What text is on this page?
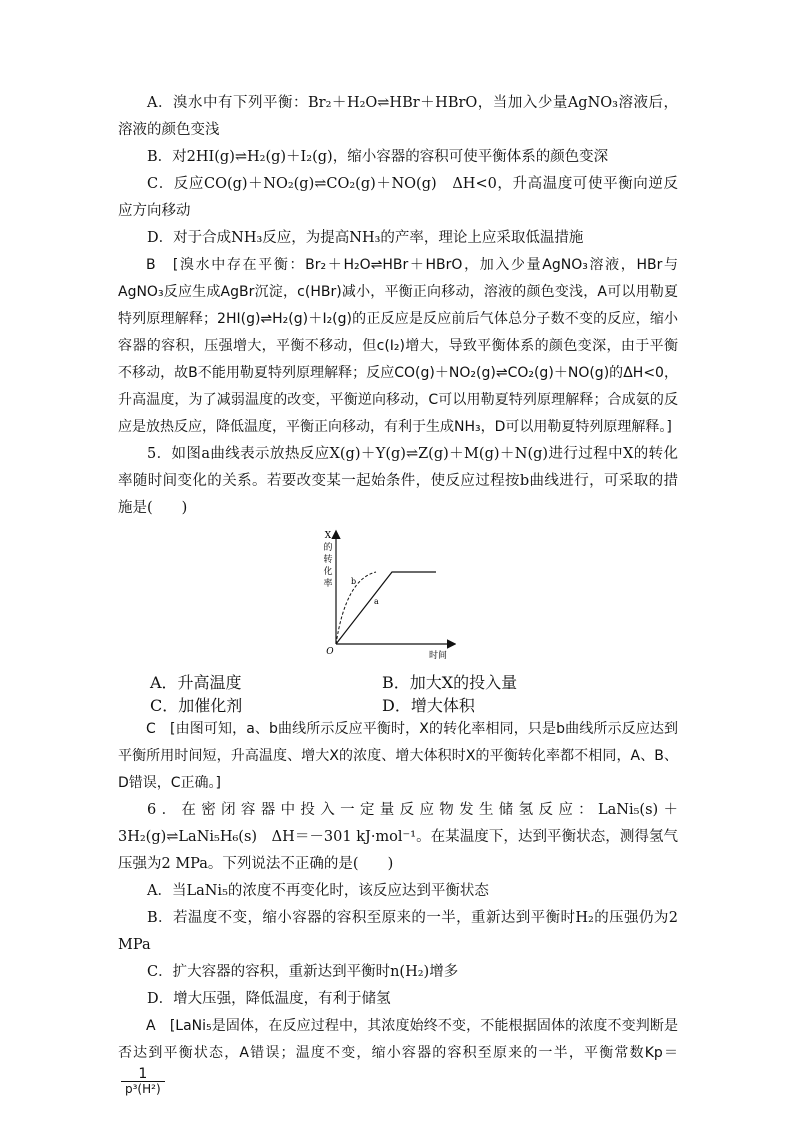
A．溴水中有下列平衡：Br₂＋H₂O⇌HBr＋HBrO，当加入少量AgNO₃溶液后，溶液的颜色变浅

B．对2HI(g)⇌H₂(g)＋I₂(g)，缩小容器的容积可使平衡体系的颜色变深

C．反应CO(g)＋NO₂(g)⇌CO₂(g)＋NO(g)　ΔH<0，升高温度可使平衡向逆反应方向移动

D．对于合成NH₃反应，为提高NH₃的产率，理论上应采取低温措施

B　[溴水中存在平衡：Br₂＋H₂O⇌HBr＋HBrO，加入少量AgNO₃溶液，HBr与AgNO₃反应生成AgBr沉淀，c(HBr)减小，平衡正向移动，溶液的颜色变浅，A可以用勒夏特列原理解释；2HI(g)⇌H₂(g)＋I₂(g)的正反应是反应前后气体总分子数不变的反应，缩小容器的容积，压强增大，平衡不移动，但c(I₂)增大，导致平衡体系的颜色变深，由于平衡不移动，故B不能用勒夏特列原理解释；反应CO(g)＋NO₂(g)⇌CO₂(g)＋NO(g)的ΔH<0，升高温度，为了减弱温度的改变，平衡逆向移动，C可以用勒夏特列原理解释；合成氨的反应是放热反应，降低温度，平衡正向移动，有利于生成NH₃，D可以用勒夏特列原理解释。]

5．如图a曲线表示放热反应X(g)＋Y(g)⇌Z(g)＋M(g)＋N(g)进行过程中X的转化率随时间变化的关系。若要改变某一起始条件，使反应过程按b曲线进行，可采取的措施是(　　)

X
的
转
化
率
O	时间
b
a
A．升高温度	B．加大X的投入量
C．加催化剂	D．增大体积

C　[由图可知，a、b曲线所示反应平衡时，X的转化率相同，只是b曲线所示反应达到平衡所用时间短，升高温度、增大X的浓度、增大体积时X的平衡转化率都不相同，A、B、D错误，C正确。]

6．在密闭容器中投入一定量反应物发生储氢反应：LaNi₅(s)＋3H₂(g)⇌LaNi₅H₆(s)　ΔH＝－301 kJ·mol⁻¹。在某温度下，达到平衡状态，测得氢气压强为2 MPa。下列说法不正确的是(　　)

A．当LaNi₅的浓度不再变化时，该反应达到平衡状态

B．若温度不变，缩小容器的容积至原来的一半，重新达到平衡时H₂的压强仍为2 MPa

C．扩大容器的容积，重新达到平衡时n(H₂)增多

D．增大压强，降低温度，有利于储氢

A　[LaNi₅是固体，在反应过程中，其浓度始终不变，不能根据固体的浓度不变判断是否达到平衡状态，A错误；温度不变，缩小容器的容积至原来的一半，平衡常数Kp＝
$\frac{1}{\text{p³(H²)}}$
